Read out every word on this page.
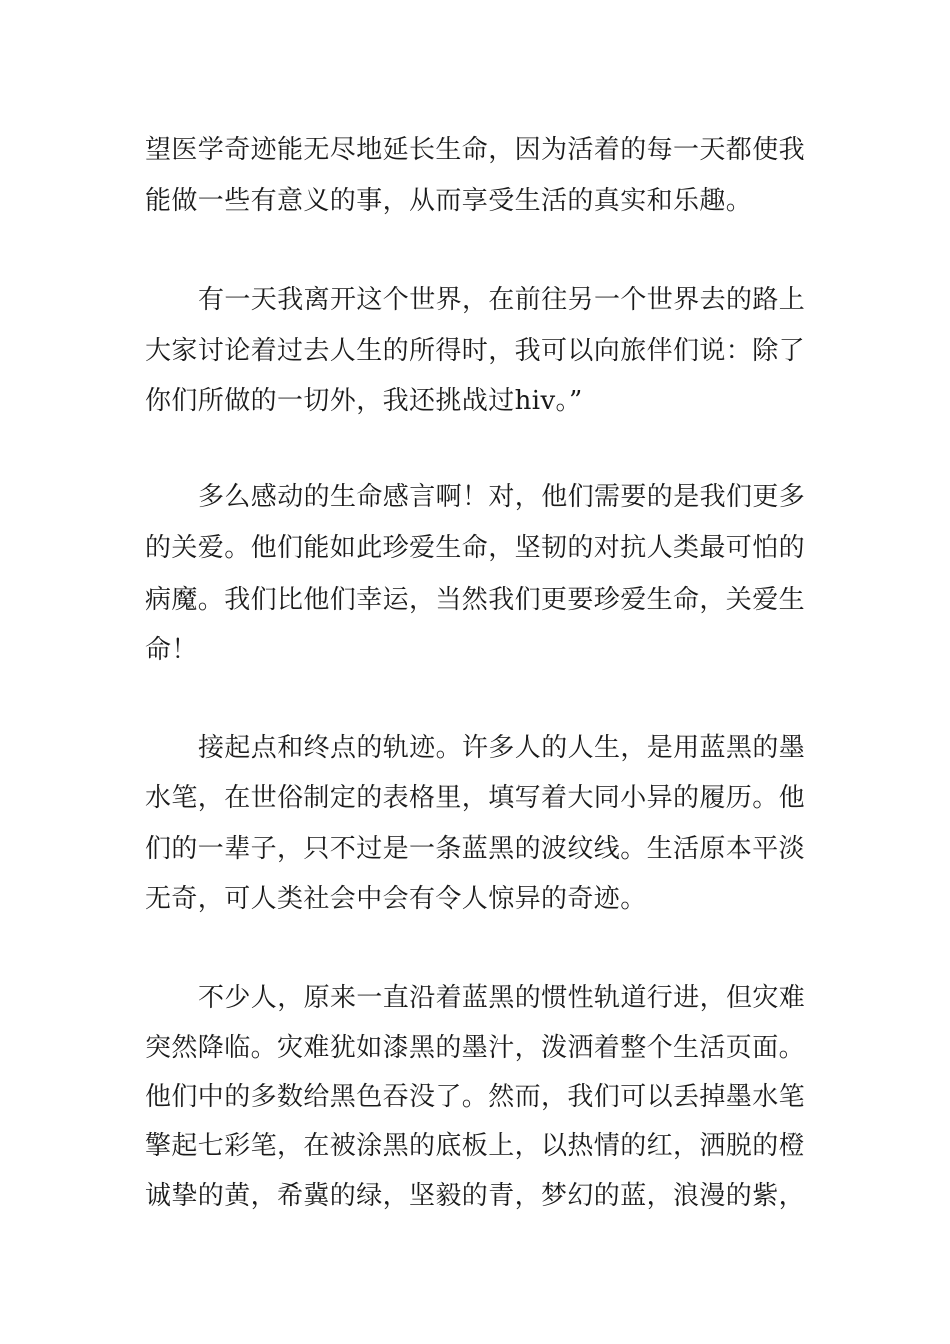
望医学奇迹能无尽地延长生命，因为活着的每一天都使我
能做一些有意义的事，从而享受生活的真实和乐趣。
有一天我离开这个世界，在前往另一个世界去的路上
大家讨论着过去人生的所得时，我可以向旅伴们说：除了
你们所做的一切外，我还挑战过hiv。”
多么感动的生命感言啊！对，他们需要的是我们更多
的关爱。他们能如此珍爱生命，坚韧的对抗人类最可怕的
病魔。我们比他们幸运，当然我们更要珍爱生命，关爱生
命！
接起点和终点的轨迹。许多人的人生，是用蓝黑的墨
水笔，在世俗制定的表格里，填写着大同小异的履历。他
们的一辈子，只不过是一条蓝黑的波纹线。生活原本平淡
无奇，可人类社会中会有令人惊异的奇迹。
不少人，原来一直沿着蓝黑的惯性轨道行进，但灾难
突然降临。灾难犹如漆黑的墨汁，泼洒着整个生活页面。
他们中的多数给黑色吞没了。然而，我们可以丢掉墨水笔
擎起七彩笔，在被涂黑的底板上，以热情的红，洒脱的橙
诚挚的黄，希冀的绿，坚毅的青，梦幻的蓝，浪漫的紫，
